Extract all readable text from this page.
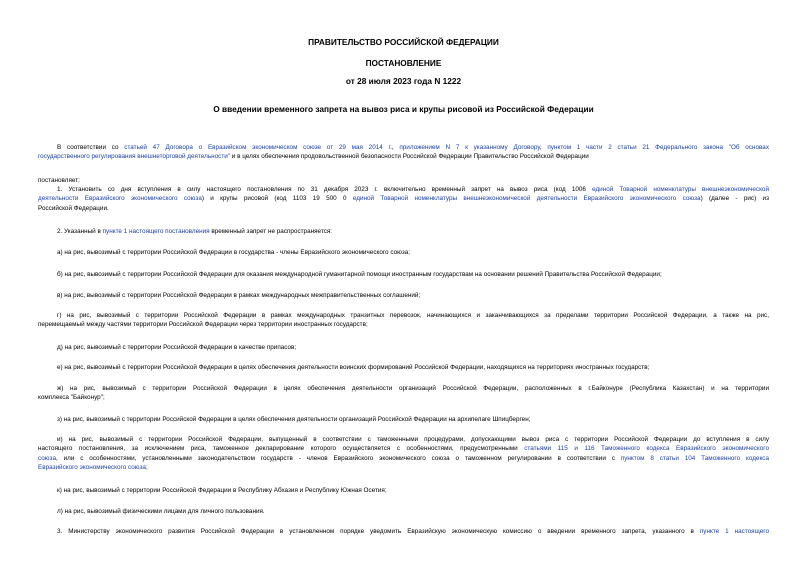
ПРАВИТЕЛЬСТВО РОССИЙСКОЙ ФЕДЕРАЦИИ
ПОСТАНОВЛЕНИЕ
от 28 июля 2023 года N 1222
О введении временного запрета на вывоз риса и крупы рисовой из Российской Федерации
В соответствии со статьей 47 Договора о Евразийском экономическом союзе от 29 мая 2014 г., приложением N 7 к указанному Договору, пунктом 1 части 2 статьи 21 Федерального закона "Об основах
государственного регулирования внешнеторговой деятельности" и в целях обеспечения продовольственной безопасности Российской Федерации Правительство Российской Федерации
постановляет:
1. Установить со дня вступления в силу настоящего постановления по 31 декабря 2023 г. включительно временный запрет на вывоз риса (код 1006 единой Товарной номенклатуры внешнеэкономической
деятельности Евразийского экономического союза) и крупы рисовой (код 1103 19 500 0 единой Товарной номенклатуры внешнеэкономической деятельности Евразийского экономического союза) (далее - рис) из
Российской Федерации.
2. Указанный в пункте 1 настоящего постановления временный запрет не распространяется:
а) на рис, вывозимый с территории Российской Федерации в государства - члены Евразийского экономического союза;
б) на рис, вывозимый с территории Российской Федерации для оказания международной гуманитарной помощи иностранным государствам на основании решений Правительства Российской Федерации;
в) на рис, вывозимый с территории Российской Федерации в рамках международных межправительственных соглашений;
г) на рис, вывозимый с территории Российской Федерации в рамках международных транзитных перевозок, начинающихся и заканчивающихся за пределами территории Российской Федерации, а также на рис,
перемещаемый между частями территории Российской Федерации через территории иностранных государств;
д) на рис, вывозимый с территории Российской Федерации в качестве припасов;
е) на рис, вывозимый с территории Российской Федерации в целях обеспечения деятельности воинских формирований Российской Федерации, находящихся на территориях иностранных государств;
ж) на рис, вывозимый с территории Российской Федерации в целях обеспечения деятельности организаций Российской Федерации, расположенных в г.Байконуре (Республика Казахстан) и на территории
комплекса "Байконур";
з) на рис, вывозимый с территории Российской Федерации в целях обеспечения деятельности организаций Российской Федерации на архипелаге Шпицберген;
и) на рис, вывозимый с территории Российской Федерации, выпущенный в соответствии с таможенными процедурами, допускающими вывоз риса с территории Российской Федерации до вступления в силу
настоящего постановления, за исключением риса, таможенное декларирование которого осуществляется с особенностями, предусмотренными статьями 115 и 116 Таможенного кодекса Евразийского экономического
союза, или с особенностями, установленными законодательством государств - членов Евразийского экономического союза о таможенном регулировании в соответствии с пунктом 8 статьи 104 Таможенного кодекса
Евразийского экономического союза;
к) на рис, вывозимый с территории Российской Федерации в Республику Абхазия и Республику Южная Осетия;
л) на рис, вывозимый физическими лицами для личного пользования.
3. Министерству экономического развития Российской Федерации в установленном порядке уведомить Евразийскую экономическую комиссию о введении временного запрета, указанного в пункте 1 настоящего
